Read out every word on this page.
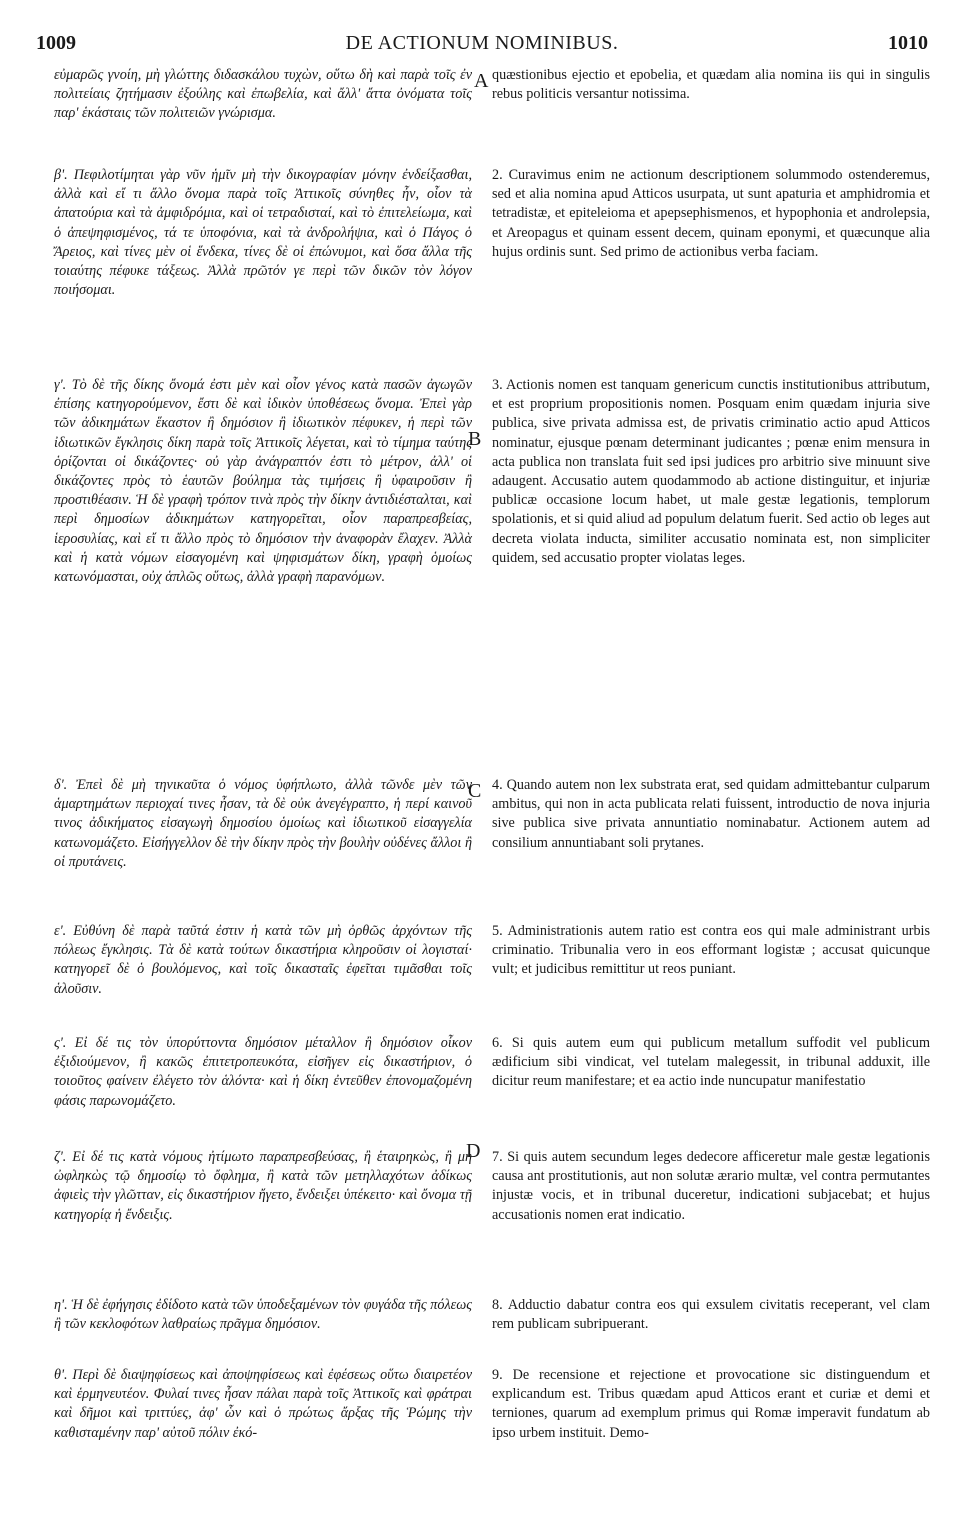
1009	DE ACTIONUM NOMINIBUS.	1010
A
B
C
D
εὐμαρῶς γνοίη, μὴ γλώττης διδασκάλου τυχὼν, οὕτω δὴ καὶ παρὰ τοῖς ἐν πολιτείαις ζητήμασιν ἐξούλης καὶ ἐπωβελία, καὶ ἄλλ' ἄττα ὀνόματα τοῖς παρ' ἑκάσταις τῶν πολιτειῶν γνώρισμα.
β'. Πεφιλοτίμηται γὰρ νῦν ἡμῖν μὴ τὴν δικογραφίαν μόνην ἐνδείξασθαι, ἀλλὰ καὶ εἴ τι ἄλλο ὄνομα παρὰ τοῖς Ἀττικοῖς σύνηθες ἦν, οἷον τὰ ἀπατούρια καὶ τὰ ἀμφιδρόμια, καὶ οἱ τετραδισταί, καὶ τὸ ἐπιτελείωμα, καὶ ὁ ἀπεψηφισμένος, τά τε ὑποφόνια, καὶ τὰ ἀνδρολήψια, καὶ ὁ Πάγος ὁ Ἄρειος, καὶ τίνες μὲν οἱ ἕνδεκα, τίνες δὲ οἱ ἐπώνυμοι, καὶ ὅσα ἄλλα τῆς τοιαύτης πέφυκε τάξεως. Ἀλλὰ πρῶτόν γε περὶ τῶν δικῶν τὸν λόγον ποιήσομαι.
γ'. Τὸ δὲ τῆς δίκης ὄνομά ἐστι μὲν καὶ οἷον γένος κατὰ πασῶν ἀγωγῶν ἐπίσης κατηγορούμενον, ἔστι δὲ καὶ ἰδικὸν ὑποθέσεως ὄνομα. Ἐπεὶ γὰρ τῶν ἀδικημάτων ἕκαστον ἢ δημόσιον ἢ ἰδιωτικὸν πέφυκεν, ἡ περὶ τῶν ἰδιωτικῶν ἔγκλησις δίκη παρὰ τοῖς Ἀττικοῖς λέγεται, καὶ τὸ τίμημα ταύτης ὁρίζονται οἱ δικάζοντες· οὐ γὰρ ἀνάγραπτόν ἐστι τὸ μέτρον, ἀλλ' οἱ δικάζοντες πρὸς τὸ ἑαυτῶν βούλημα τὰς τιμήσεις ἢ ὑφαιροῦσιν ἢ προστιθέασιν. Ἡ δὲ γραφὴ τρόπον τινὰ πρὸς τὴν δίκην ἀντιδιέσταλται, καὶ περὶ δημοσίων ἀδικημάτων κατηγορεῖται, οἷον παραπρεσβείας, ἱεροσυλίας, καὶ εἴ τι ἄλλο πρὸς τὸ δημόσιον τὴν ἀναφορὰν ἔλαχεν. Ἀλλὰ καὶ ἡ κατὰ νόμων εἰσαγομένη καὶ ψηφισμάτων δίκη, γραφὴ ὁμοίως κατωνόμασται, οὐχ ἁπλῶς οὕτως, ἀλλὰ γραφὴ παρανόμων.
δ'. Ἐπεὶ δὲ μὴ τηνικαῦτα ὁ νόμος ὑφήπλωτο, ἀλλὰ τῶνδε μὲν τῶν ἁμαρτημάτων περιοχαί τινες ἦσαν, τὰ δὲ οὐκ ἀνεγέγραπτο, ἡ περί καινοῦ τινος ἀδικήματος εἰσαγωγὴ δημοσίου ὁμοίως καὶ ἰδιωτικοῦ εἰσαγγελία κατωνομάζετο. Εἰσήγγελλον δὲ τὴν δίκην πρὸς τὴν βουλὴν οὐδένες ἄλλοι ἢ οἱ πρυτάνεις.
ε'. Εὐθύνη δὲ παρὰ ταῦτά ἐστιν ἡ κατὰ τῶν μὴ ὀρθῶς ἀρχόντων τῆς πόλεως ἔγκλησις. Τὰ δὲ κατὰ τούτων δικαστήρια κληροῦσιν οἱ λογισταί· κατηγορεῖ δὲ ὁ βουλόμενος, καὶ τοῖς δικασταῖς ἐφεῖται τιμᾶσθαι τοῖς ἁλοῦσιν.
ς'. Εἰ δέ τις τὸν ὑπορύττοντα δημόσιον μέταλλον ἢ δημόσιον οἶκον ἐξιδιούμενον, ἢ κακῶς ἐπιτετροπευκότα, εἰσῆγεν εἰς δικαστήριον, ὁ τοιοῦτος φαίνειν ἐλέγετο τὸν ἁλόντα· καὶ ἡ δίκη ἐντεῦθεν ἐπονομαζομένη φάσις παρωνομάζετο.
ζ'. Εἰ δέ τις κατὰ νόμους ἠτίμωτο παραπρεσβεύσας, ἢ ἑταιρηκὼς, ἢ μὴ ὠφληκὼς τῷ δημοσίῳ τὸ ὄφλημα, ἢ κατὰ τῶν μετηλλαχότων ἀδίκως ἀφιεὶς τὴν γλῶτταν, εἰς δικαστήριον ἤγετο, ἔνδειξει ὑπέκειτο· καὶ ὄνομα τῇ κατηγορίᾳ ἡ ἔνδειξις.
η'. Ἡ δὲ ἐφήγησις ἐδίδοτο κατὰ τῶν ὑποδεξαμένων τὸν φυγάδα τῆς πόλεως ἢ τῶν κεκλοφότων λαθραίως πρᾶγμα δημόσιον.
θ'. Περὶ δὲ διαψηφίσεως καὶ ἀποψηφίσεως καὶ ἐφέσεως οὕτω διαιρετέον καὶ ἑρμηνευτέον. Φυλαί τινες ἦσαν πάλαι παρὰ τοῖς Ἀττικοῖς καὶ φράτραι καὶ δῆμοι καὶ τριττύες, ἀφ' ὧν καὶ ὁ πρώτως ἄρξας τῆς Ῥώμης τὴν καθισταμένην παρ' αὐτοῦ πόλιν ἐκό-
quæstionibus ejectio et epobelia, et quædam alia nomina iis qui in singulis rebus politicis versantur notissima.
2. Curavimus enim ne actionum descriptionem solummodo ostenderemus, sed et alia nomina apud Atticos usurpata, ut sunt apaturia et amphidromia et tetradistæ, et epiteleioma et apepsephismenos, et hypophonia et androlepsia, et Areopagus et quinam essent decem, quinam eponymi, et quæcunque alia hujus ordinis sunt. Sed primo de actionibus verba faciam.
3. Actionis nomen est tanquam genericum cunctis institutionibus attributum, et est proprium propositionis nomen. Posquam enim quædam injuria sive publica, sive privata admissa est, de privatis criminatio actio apud Atticos nominatur, ejusque pœnam determinant judicantes ; pœnæ enim mensura in acta publica non translata fuit sed ipsi judices pro arbitrio sive minuunt sive adaugent. Accusatio autem quodammodo ab actione distinguitur, et injuriæ publicæ occasione locum habet, ut male gestæ legationis, templorum spolationis, et si quid aliud ad populum delatum fuerit. Sed actio ob leges aut decreta violata inducta, similiter accusatio nominata est, non simpliciter quidem, sed accusatio propter violatas leges.
4. Quando autem non lex substrata erat, sed quidam admittebantur culparum ambitus, qui non in acta publicata relati fuissent, introductio de nova injuria sive publica sive privata annuntiatio nominabatur. Actionem autem ad consilium annuntiabant soli prytanes.
5. Administrationis autem ratio est contra eos qui male administrant urbis criminatio. Tribunalia vero in eos efformant logistæ ; accusat quicunque vult; et judicibus remittitur ut reos puniant.
6. Si quis autem eum qui publicum metallum suffodit vel publicum ædificium sibi vindicat, vel tutelam malegessit, in tribunal adduxit, ille dicitur reum manifestare; et ea actio inde nuncupatur manifestatio
7. Si quis autem secundum leges dedecore afficeretur male gestæ legationis causa ant prostitutionis, aut non solutæ ærario multæ, vel contra permutantes injustæ vocis, et in tribunal duceretur, indicationi subjacebat; et hujus accusationis nomen erat indicatio.
8. Adductio dabatur contra eos qui exsulem civitatis receperant, vel clam rem publicam subripuerant.
9. De recensione et rejectione et provocatione sic distinguendum et explicandum est. Tribus quædam apud Atticos erant et curiæ et demi et terniones, quarum ad exemplum primus qui Romæ imperavit fundatum ab ipso urbem instituit. Demo-
